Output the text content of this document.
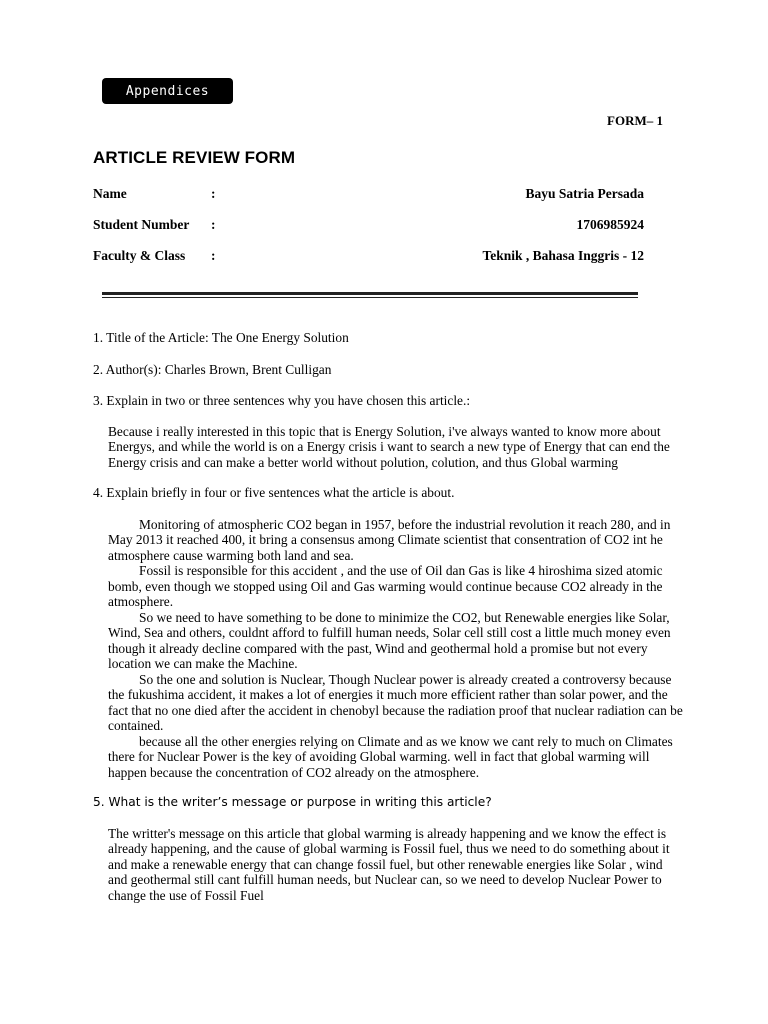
Appendices
FORM– 1
ARTICLE REVIEW FORM
Name	:	Bayu Satria Persada
Student Number :	1706985924
Faculty & Class :	Teknik , Bahasa Inggris - 12

1. Title of the Article: The One Energy Solution

2. Author(s): Charles Brown, Brent Culligan

3. Explain in two or three sentences why you have chosen this article.:

Because i really interested in this topic that is Energy Solution, i've always wanted to know more about Energys, and while the world is on a Energy crisis i want to search a new type of Energy that can end the Energy crisis and can make a better world without polution, colution, and thus Global warming

4. Explain briefly in four or five sentences what the article is about.

Monitoring of atmospheric CO2 began in 1957, before the industrial revolution it reach 280, and in May 2013 it reached 400, it bring a consensus among Climate scientist that consentration of CO2 int he atmosphere cause warming both land and sea.

Fossil is responsible for this accident , and the use of Oil dan Gas is like 4 hiroshima sized atomic bomb, even though we stopped using Oil and Gas warming would continue because CO2 already in the atmosphere.

So we need to have something to be done to minimize the CO2, but Renewable energies like Solar, Wind, Sea and others, couldnt afford to fulfill human needs, Solar cell still cost a little much money even though it already decline compared with the past, Wind and geothermal hold a promise but not every location we can make the Machine.

So the one and solution is Nuclear, Though Nuclear power is already created a controversy because the fukushima accident, it makes a lot of energies it much more efficient rather than solar power, and the fact that no one died after the accident in chenobyl because the radiation proof that nuclear radiation can be contained.

because all the other energies relying on Climate and as we know we cant rely to much on Climates there for Nuclear Power is the key of avoiding Global warming. well in fact that global warming will happen because the concentration of CO2 already on the atmosphere.

5. What is the writer’s message or purpose in writing this article?

The writter's message on this article that global warming is already happening and we know the effect is already happening, and the cause of global warming is Fossil fuel, thus we need to do something about it and make a renewable energy that can change fossil fuel, but other renewable energies like Solar , wind and geothermal still cant fulfill human needs, but Nuclear can, so we need to develop Nuclear Power to change the use of Fossil Fuel
